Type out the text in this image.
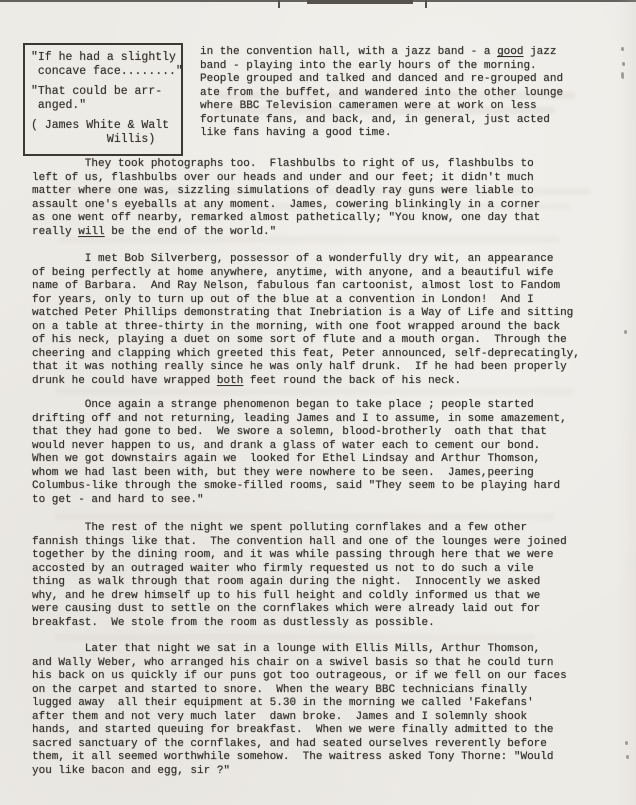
"If he had a slightly
concave face........"
"That could be arr-
anged."
( James White & Walt
Willis)
in the convention hall, with a jazz band - a good jazz
band - playing into the early hours of the morning.
People grouped and talked and danced and re-grouped and
ate from the buffet, and wandered into the other lounge
where BBC Television cameramen were at work on less
fortunate fans, and back, and, in general, just acted
like fans having a good time.
They took photographs too.  Flashbulbs to right of us, flashbulbs to
left of us, flashbulbs over our heads and under and our feet; it didn't much
matter where one was, sizzling simulations of deadly ray guns were liable to
assault one's eyeballs at any moment.  James, cowering blinkingly in a corner
as one went off nearby, remarked almost pathetically; "You know, one day that
really will be the end of the world."
I met Bob Silverberg, possessor of a wonderfully dry wit, an appearance
of being perfectly at home anywhere, anytime, with anyone, and a beautiful wife
name of Barbara.  And Ray Nelson, fabulous fan cartoonist, almost lost to Fandom
for years, only to turn up out of the blue at a convention in London!  And I
watched Peter Phillips demonstrating that Inebriation is a Way of Life and sitting
on a table at three-thirty in the morning, with one foot wrapped around the back
of his neck, playing a duet on some sort of flute and a mouth organ.  Through the
cheering and clapping which greeted this feat, Peter announced, self-deprecatingly,
that it was nothing really since he was only half drunk.  If he had been properly
drunk he could have wrapped both feet round the back of his neck.
Once again a strange phenomenon began to take place ; people started
drifting off and not returning, leading James and I to assume, in some amazement,
that they had gone to bed.  We swore a solemn, blood-brotherly  oath that that
would never happen to us, and drank a glass of water each to cement our bond.
When we got downstairs again we  looked for Ethel Lindsay and Arthur Thomson,
whom we had last been with, but they were nowhere to be seen.  James,peering
Columbus-like through the smoke-filled rooms, said "They seem to be playing hard
to get - and hard to see."
The rest of the night we spent polluting cornflakes and a few other
fannish things like that.  The convention hall and one of the lounges were joined
together by the dining room, and it was while passing through here that we were
accosted by an outraged waiter who firmly requested us not to do such a vile
thing  as walk through that room again during the night.  Innocently we asked
why, and he drew himself up to his full height and coldly informed us that we
were causing dust to settle on the cornflakes which were already laid out for
breakfast.  We stole from the room as dustlessly as possible.
Later that night we sat in a lounge with Ellis Mills, Arthur Thomson,
and Wally Weber, who arranged his chair on a swivel basis so that he could turn
his back on us quickly if our puns got too outrageous, or if we fell on our faces
on the carpet and started to snore.  When the weary BBC technicians finally
lugged away  all their equipment at 5.30 in the morning we called 'Fakefans'
after them and not very much later  dawn broke.  James and I solemnly shook
hands, and started queuing for breakfast.  When we were finally admitted to the
sacred sanctuary of the cornflakes, and had seated ourselves reverently before
them, it all seemed worthwhile somehow.  The waitress asked Tony Thorne: "Would
you like bacon and egg, sir ?"
